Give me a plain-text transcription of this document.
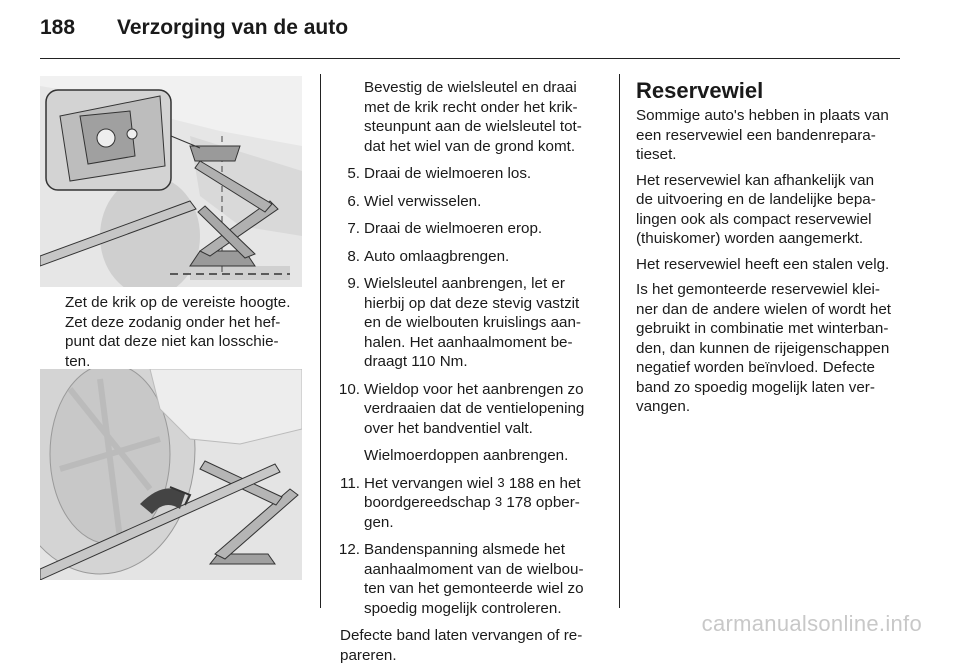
188 Verzorging van de auto
Zet de krik op de vereiste hoogte.
Zet deze zodanig onder het hef-
punt dat deze niet kan losschie-
ten.
Bevestig de wielsleutel en draai
met de krik recht onder het krik-
steunpunt aan de wielsleutel tot-
dat het wiel van de grond komt.
5. Draai de wielmoeren los.
6. Wiel verwisselen.
7. Draai de wielmoeren erop.
8. Auto omlaagbrengen.
9. Wielsleutel aanbrengen, let er
hierbij op dat deze stevig vastzit
en de wielbouten kruislings aan-
halen. Het aanhaalmoment be-
draagt 110 Nm.
10. Wieldop voor het aanbrengen zo
verdraaien dat de ventielopening
over het bandventiel valt.
Wielmoerdoppen aanbrengen.
11. Het vervangen wiel 3 188 en het
boordgereedschap 3 178 opber-
gen.
12. Bandenspanning alsmede het
aanhaalmoment van de wielbou-
ten van het gemonteerde wiel zo
spoedig mogelijk controleren.
Defecte band laten vervangen of re-
pareren.
Reservewiel
Sommige auto's hebben in plaats van
een reservewiel een bandenrepara-
tieset.
Het reservewiel kan afhankelijk van
de uitvoering en de landelijke bepa-
lingen ook als compact reservewiel
(thuiskomer) worden aangemerkt.
Het reservewiel heeft een stalen velg.
Is het gemonteerde reservewiel klei-
ner dan de andere wielen of wordt het
gebruikt in combinatie met winterban-
den, dan kunnen de rijeigenschappen
negatief worden beïnvloed. Defecte
band zo spoedig mogelijk laten ver-
vangen.
carmanualsonline.info
